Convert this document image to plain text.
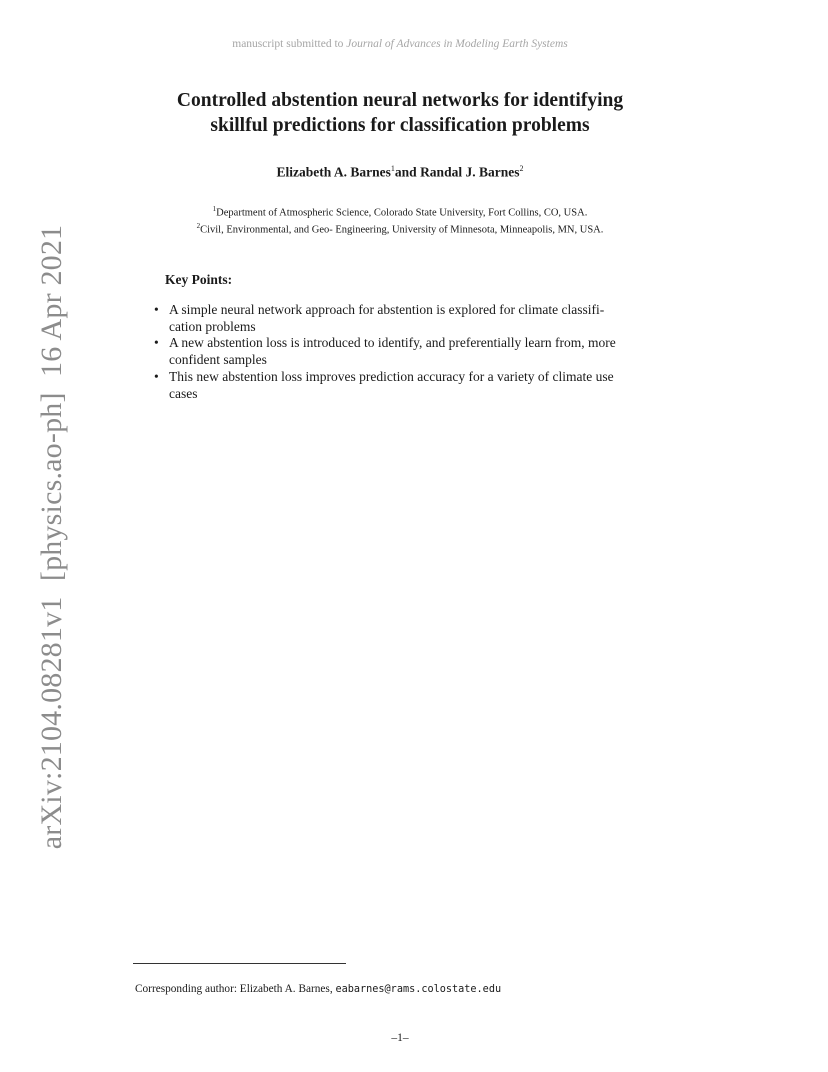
manuscript submitted to Journal of Advances in Modeling Earth Systems
Controlled abstention neural networks for identifying
skillful predictions for classification problems
Elizabeth A. Barnes$^1$and Randal J. Barnes$^2$
$^1$Department of Atmospheric Science, Colorado State University, Fort Collins, CO, USA.
$^2$Civil, Environmental, and Geo- Engineering, University of Minnesota, Minneapolis, MN, USA.
Key Points:
• A simple neural network approach for abstention is explored for climate classifi-
cation problems
• A new abstention loss is introduced to identify, and preferentially learn from, more
confident samples
• This new abstention loss improves prediction accuracy for a variety of climate use
cases
arXiv:2104.08281v1  [physics.ao-ph]  16 Apr 2021
Corresponding author: Elizabeth A. Barnes, eabarnes@rams.colostate.edu
–1–
